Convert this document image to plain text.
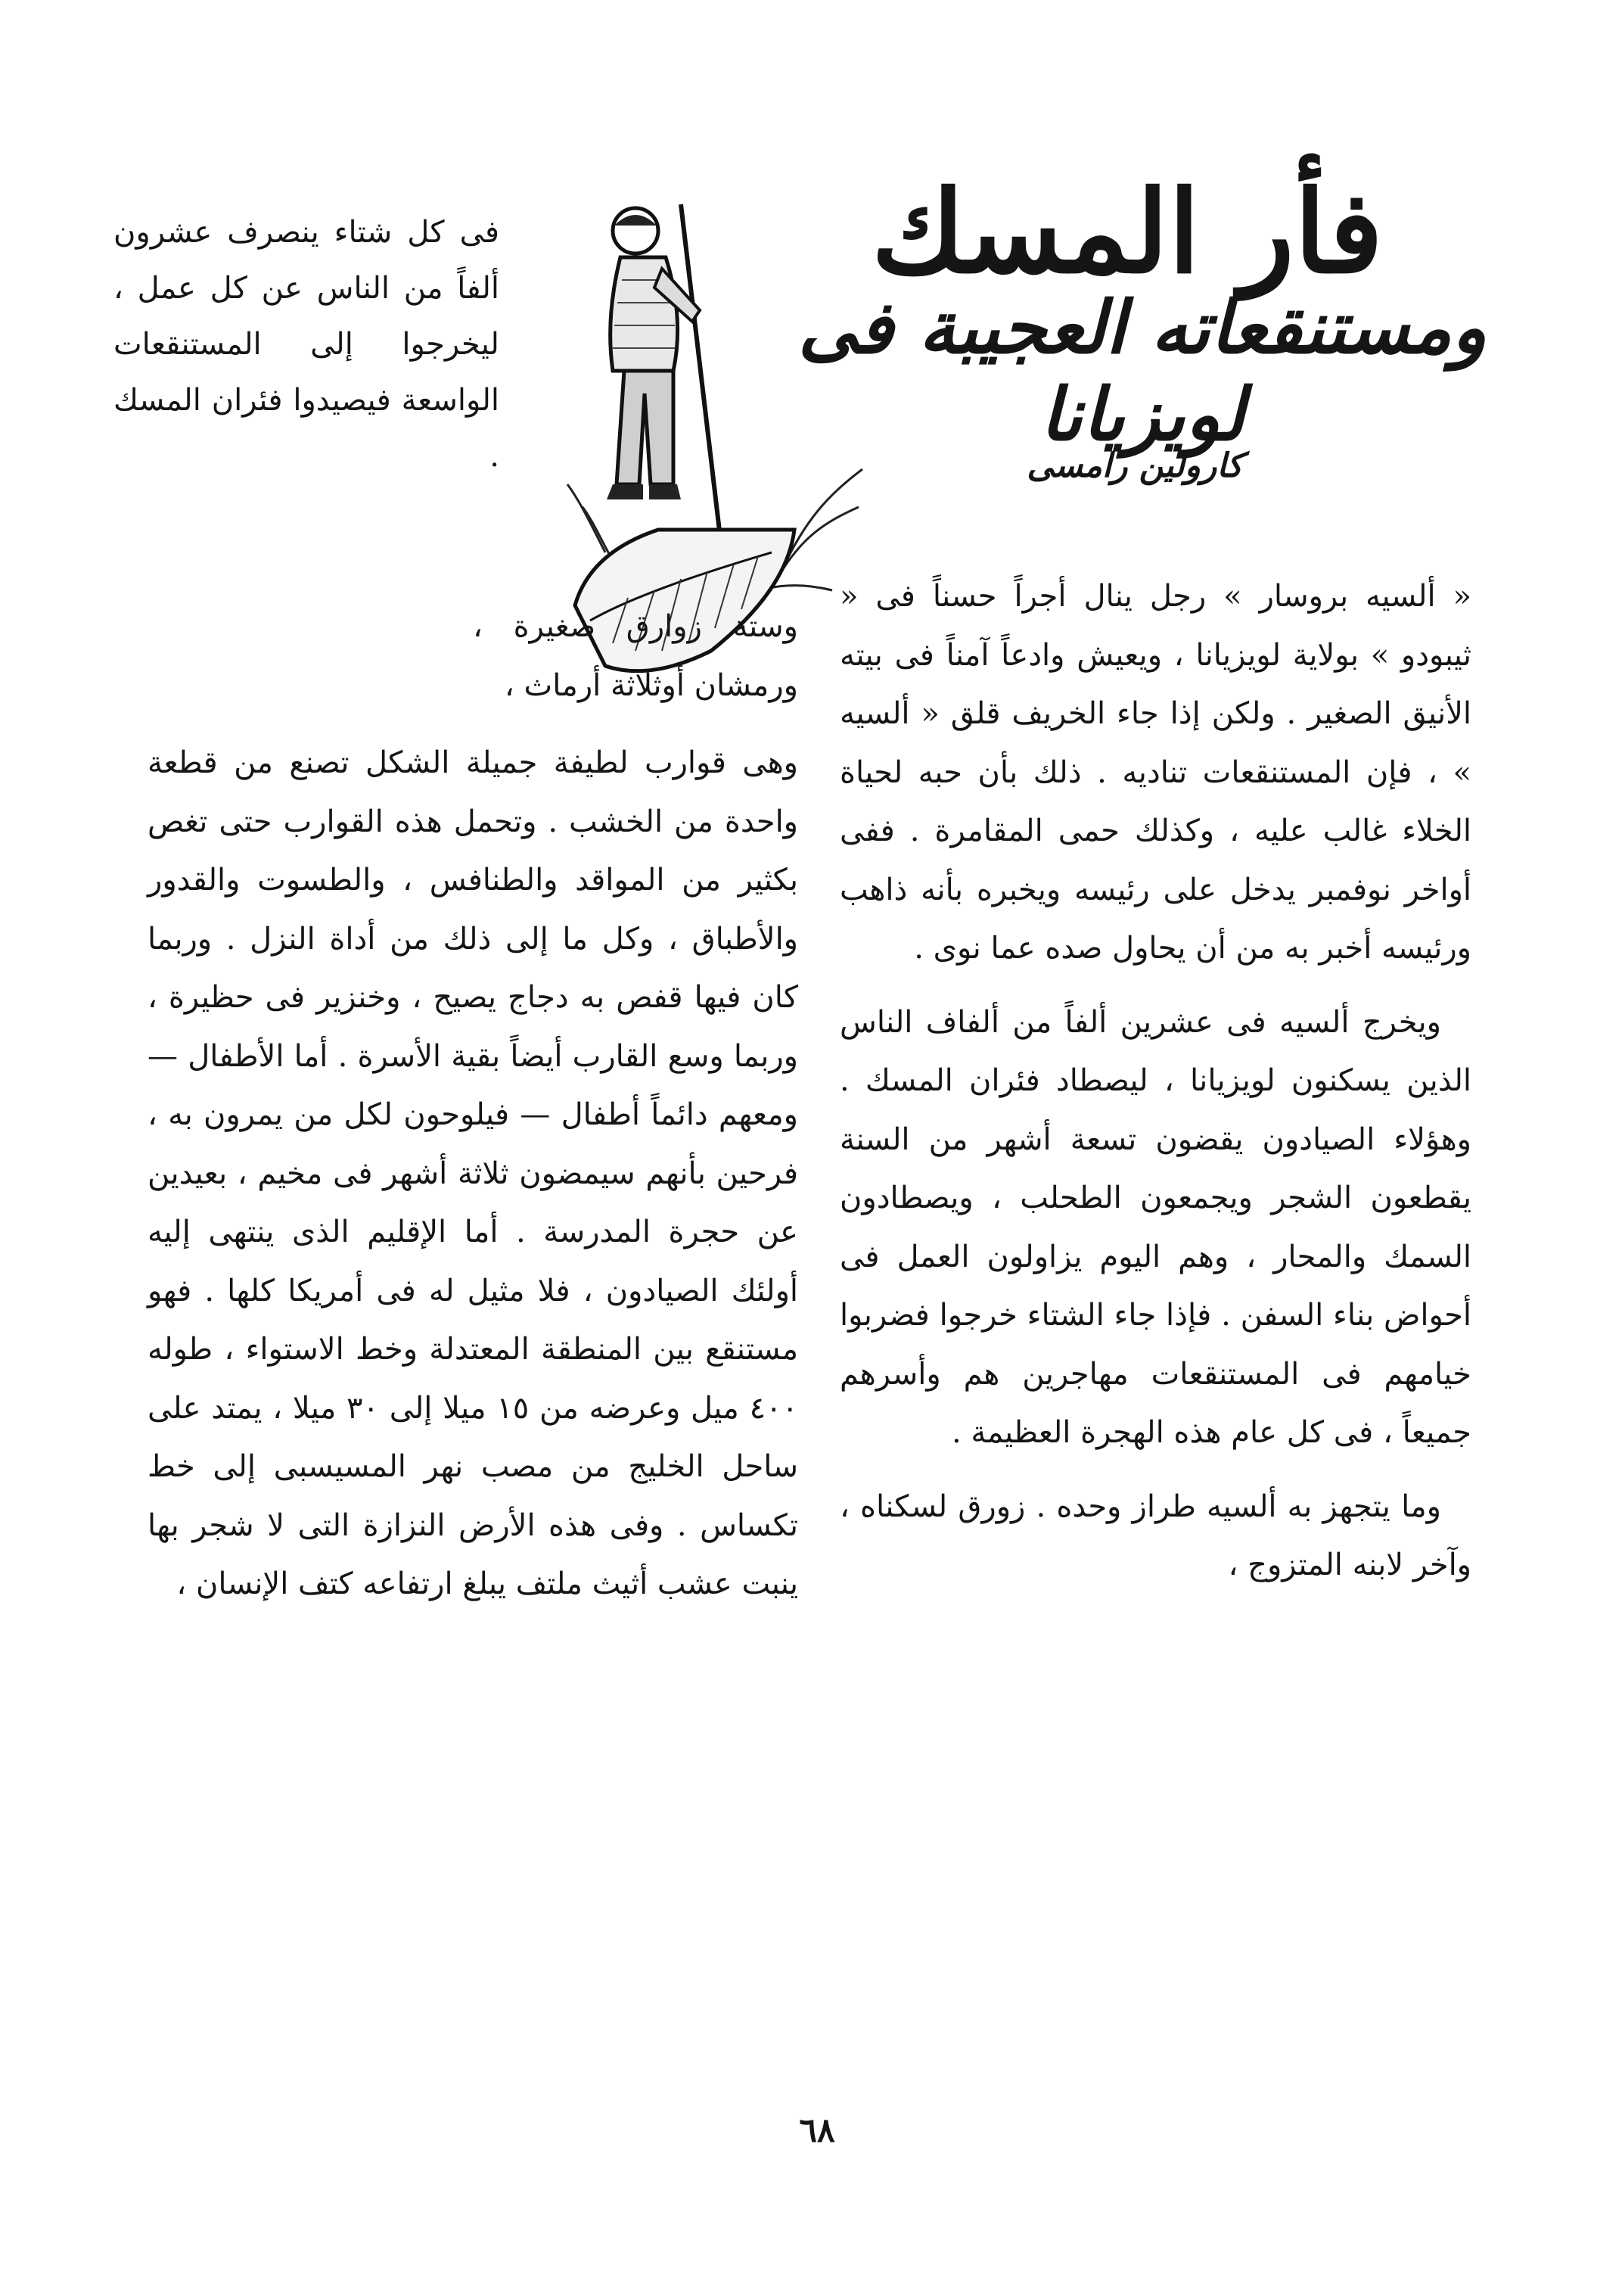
فأر المسك
ومستنقعاته العجيبة فى لويزيانا
كارولين رامسى
فى كل شتاء ينصرف عشرون ألفاً من الناس عن كل عمل ، ليخرجوا إلى المستنقعات الواسعة فيصيدوا فئران المسك .

« ألسيه بروسار » رجل ينال أجراً حسناً فى « ثيبودو » بولاية لويزيانا ، ويعيش وادعاً آمناً فى بيته الأنيق الصغير . ولكن إذا جاء الخريف قلق « ألسيه » ، فإن المستنقعات تناديه . ذلك بأن حبه لحياة الخلاء غالب عليه ، وكذلك حمى المقامرة . ففى أواخر نوفمبر يدخل على رئيسه ويخبره بأنه ذاهب ورئيسه أخبر به من أن يحاول صده عما نوى .

ويخرج ألسيه فى عشرين ألفاً من ألفاف الناس الذين يسكنون لويزيانا ، ليصطاد فئران المسك . وهؤلاء الصيادون يقضون تسعة أشهر من السنة يقطعون الشجر ويجمعون الطحلب ، ويصطادون السمك والمحار ، وهم اليوم يزاولون العمل فى أحواض بناء السفن . فإذا جاء الشتاء خرجوا فضربوا خيامهم فى المستنقعات مهاجرين هم وأسرهم جميعاً ، فى كل عام هذه الهجرة العظيمة .

وما يتجهز به ألسيه طراز وحده . زورق لسكناه ، وآخر لابنه المتزوج ،

وستة زوارق صغيرة ، ورمشان أوثلاثة أرماث ،

وهى قوارب لطيفة جميلة الشكل تصنع من قطعة واحدة من الخشب . وتحمل هذه القوارب حتى تغص بكثير من المواقد والطنافس ، والطسوت والقدور والأطباق ، وكل ما إلى ذلك من أداة النزل . وربما كان فيها قفص به دجاج يصيح ، وخنزير فى حظيرة ، وربما وسع القارب أيضاً بقية الأسرة . أما الأطفال — ومعهم دائماً أطفال — فيلوحون لكل من يمرون به ، فرحين بأنهم سيمضون ثلاثة أشهر فى مخيم ، بعيدين عن حجرة المدرسة . أما الإقليم الذى ينتهى إليه أولئك الصيادون ، فلا مثيل له فى أمريكا كلها . فهو مستنقع بين المنطقة المعتدلة وخط الاستواء ، طوله ٤٠٠ ميل وعرضه من ١٥ ميلا إلى ٣٠ ميلا ، يمتد على ساحل الخليج من مصب نهر المسيسبى إلى خط تكساس . وفى هذه الأرض النزازة التى لا شجر بها ينبت عشب أثيث ملتف يبلغ ارتفاعه كتف الإنسان ،

٦٨
